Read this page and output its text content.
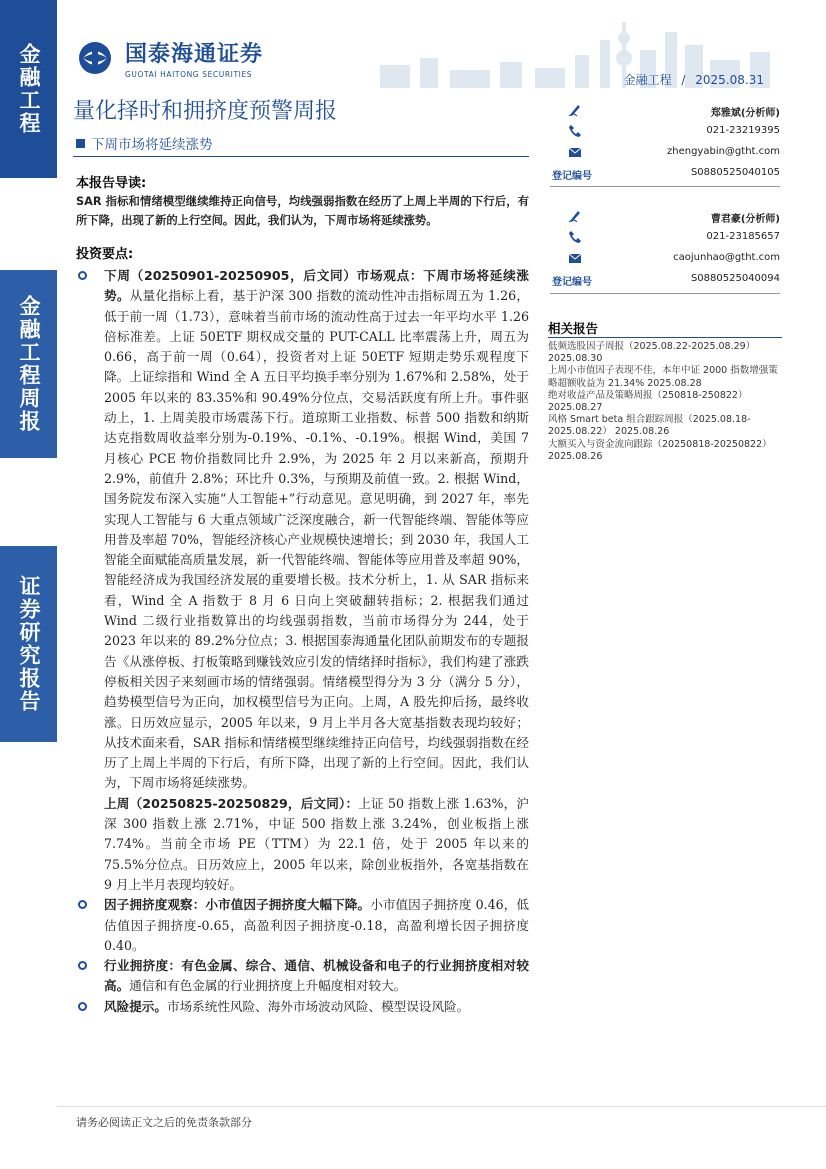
金融工程
金融工程周报
证券研究报告
国泰海通证券
GUOTAI HAITONG SECURITIES	金融工程 / 2025.08.31
量化择时和拥挤度预警周报
下周市场将延续涨势
本报告导读:
SAR 指标和情绪模型继续维持正向信号，均线强弱指数在经历了上周上半周的下行后，有所下降，出现了新的上行空间。因此，我们认为，下周市场将延续涨势。
投资要点:
下周（20250901-20250905，后文同）市场观点：下周市场将延续涨势。从量化指标上看，基于沪深 300 指数的流动性冲击指标周五为 1.26，低于前一周（1.73），意味着当前市场的流动性高于过去一年平均水平 1.26 倍标准差。上证 50ETF 期权成交量的 PUT-CALL 比率震荡上升，周五为 0.66，高于前一周（0.64），投资者对上证 50ETF 短期走势乐观程度下降。上证综指和 Wind 全 A 五日平均换手率分别为 1.67%和 2.58%，处于 2005 年以来的 83.35%和 90.49%分位点，交易活跃度有所上升。事件驱动上，1. 上周美股市场震荡下行。道琼斯工业指数、标普 500 指数和纳斯达克指数周收益率分别为-0.19%、-0.1%、-0.19%。根据 Wind，美国 7 月核心 PCE 物价指数同比升 2.9%，为 2025 年 2 月以来新高，预期升 2.9%，前值升 2.8%；环比升 0.3%，与预期及前值一致。2. 根据 Wind，国务院发布深入实施“人工智能+”行动意见。意见明确，到 2027 年，率先实现人工智能与 6 大重点领域广泛深度融合，新一代智能终端、智能体等应用普及率超 70%，智能经济核心产业规模快速增长；到 2030 年，我国人工智能全面赋能高质量发展，新一代智能终端、智能体等应用普及率超 90%，智能经济成为我国经济发展的重要增长极。技术分析上，1. 从 SAR 指标来看，Wind 全 A 指数于 8 月 6 日向上突破翻转指标；2. 根据我们通过 Wind 二级行业指数算出的均线强弱指数，当前市场得分为 244，处于 2023 年以来的 89.2%分位点；3. 根据国泰海通量化团队前期发布的专题报告《从涨停板、打板策略到赚钱效应引发的情绪择时指标》，我们构建了涨跌停板相关因子来刻画市场的情绪强弱。情绪模型得分为 3 分（满分 5 分），趋势模型信号为正向，加权模型信号为正向。上周，A 股先抑后扬，最终收涨。日历效应显示，2005 年以来，9 月上半月各大宽基指数表现均较好；从技术面来看，SAR 指标和情绪模型继续维持正向信号，均线强弱指数在经历了上周上半周的下行后，有所下降，出现了新的上行空间。因此，我们认为，下周市场将延续涨势。
上周（20250825-20250829，后文同）：上证 50 指数上涨 1.63%，沪深 300 指数上涨 2.71%，中证 500 指数上涨 3.24%，创业板指上涨 7.74%。当前全市场 PE（TTM）为 22.1 倍，处于 2005 年以来的 75.5%分位点。日历效应上，2005 年以来，除创业板指外，各宽基指数在 9 月上半月表现均较好。
因子拥挤度观察：小市值因子拥挤度大幅下降。小市值因子拥挤度 0.46，低估值因子拥挤度-0.65，高盈利因子拥挤度-0.18，高盈利增长因子拥挤度 0.40。
行业拥挤度：有色金属、综合、通信、机械设备和电子的行业拥挤度相对较高。通信和有色金属的行业拥挤度上升幅度相对较大。
风险提示。市场系统性风险、海外市场波动风险、模型误设风险。
郑雅斌(分析师)
021-23219395
zhengyabin@gtht.com
登记编号	S0880525040105
曹君豪(分析师)
021-23185657
caojunhao@gtht.com
登记编号	S0880525040094
相关报告
低频选股因子周报（2025.08.22-2025.08.29） 2025.08.30
上周小市值因子表现不佳，本年中证 2000 指数增强策略超额收益为 21.34% 2025.08.28
绝对收益产品及策略周报（250818-250822） 2025.08.27
风格 Smart beta 组合跟踪周报（2025.08.18-2025.08.22） 2025.08.26
大额买入与资金流向跟踪（20250818-20250822） 2025.08.26
请务必阅读正文之后的免责条款部分
